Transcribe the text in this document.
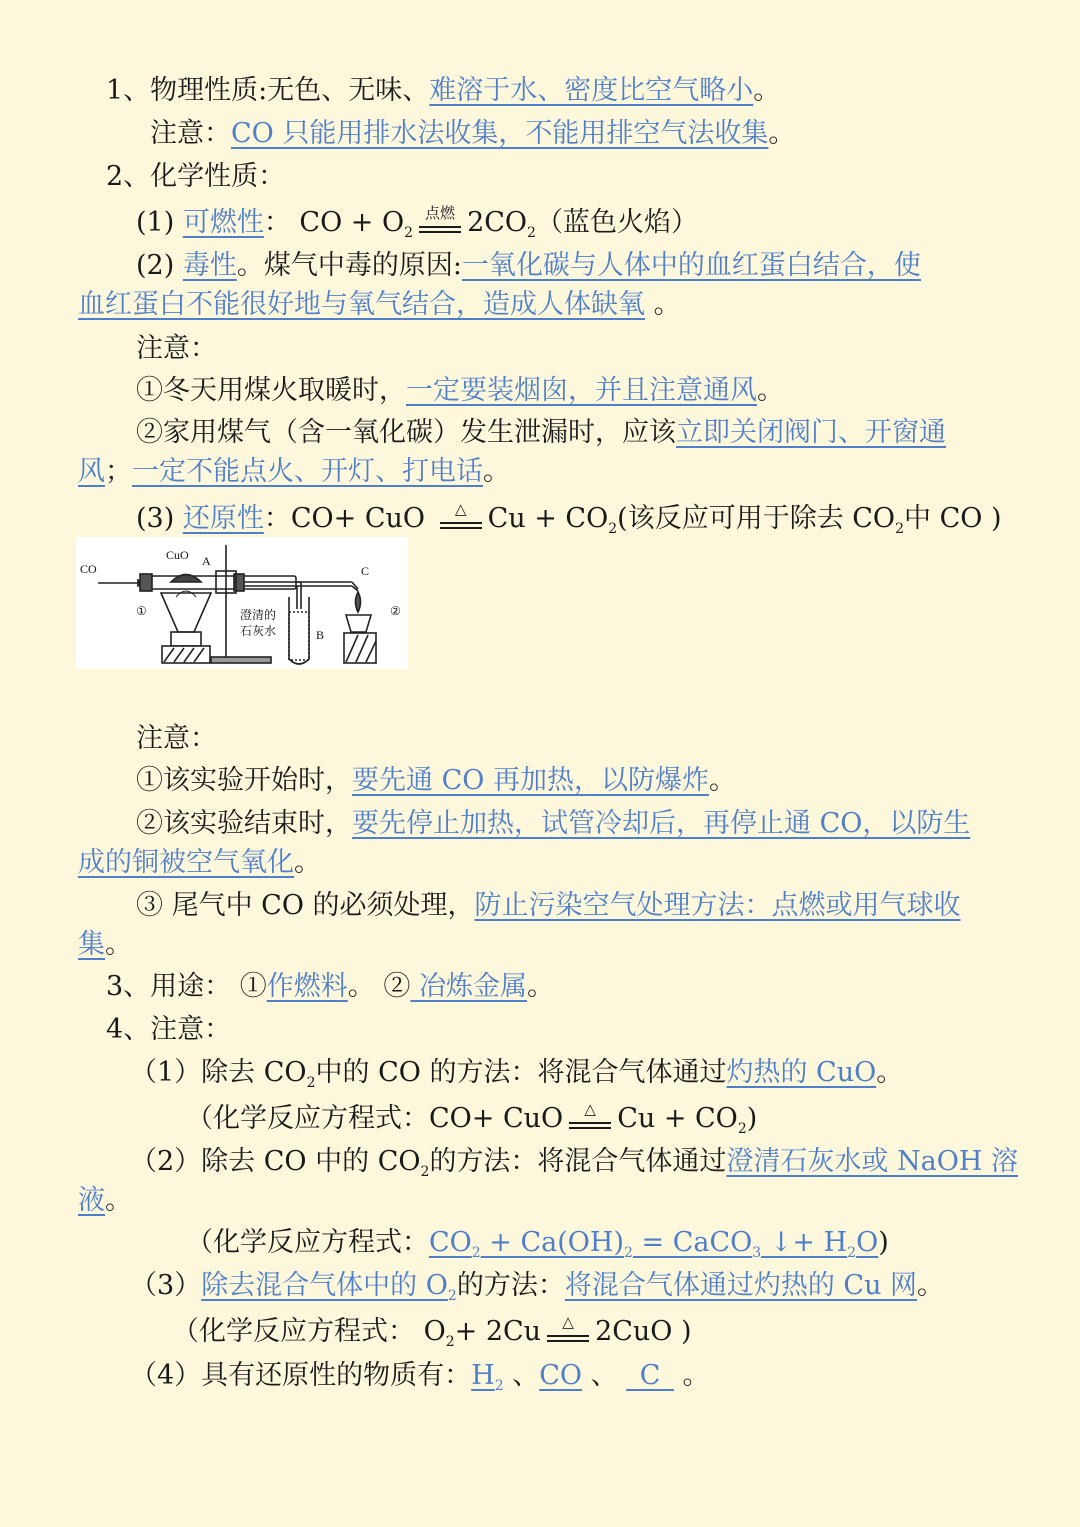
1、物理性质:无色、无味、难溶于水、密度比空气略小。
注意：CO 只能用排水法收集，不能用排空气法收集。
2、化学性质：
(1) 可燃性： CO + $O_2$
点燃 $2CO_2$（蓝色火焰）
(2) 毒性。煤气中毒的原因:一氧化碳与人体中的血红蛋白结合，使
血红蛋白不能很好地与氧气结合，造成人体缺氧 。
注意：
①冬天用煤火取暖时，一定要装烟囱，并且注意通风。
②家用煤气（含一氧化碳）发生泄漏时，应该立即关闭阀门、开窗通
风；一定不能点火、开灯、打电话。
(3) 还原性：CO+ CuO	△ $Cu + CO_2$(该反应可用于除去 $CO_2$中 CO )
CO
CuO A
B
C
①	②
澄清的
石灰水
注意：
①该实验开始时，要先通 CO 再加热，以防爆炸。
②该实验结束时，要先停止加热，试管冷却后，再停止通 CO，以防生
成的铜被空气氧化。
③ 尾气中 CO 的必须处理，防止污染空气处理方法：点燃或用气球收
集。
3、用途： ①作燃料。 ② 冶炼金属。
4、注意：
（1）除去 $CO_2$中的 CO 的方法：将混合气体通过灼热的 CuO。
（化学反应方程式：CO+ CuO	△ $Cu + CO_2$)
（2）除去 CO 中的 $CO_2$的方法：将混合气体通过澄清石灰水或 NaOH 溶
液。
（化学反应方程式：$CO_2 + Ca(OH)_2$ = CaCO$_3$ ↓+ $H_2O$)
（3）除去混合气体中的 $O_2$的方法：将混合气体通过灼热的 Cu 网。
（化学反应方程式： $O_2+ 2Cu$	△ 2CuO )
（4）具有还原性的物质有：$H_2$ 、CO 、 _C_ 。
